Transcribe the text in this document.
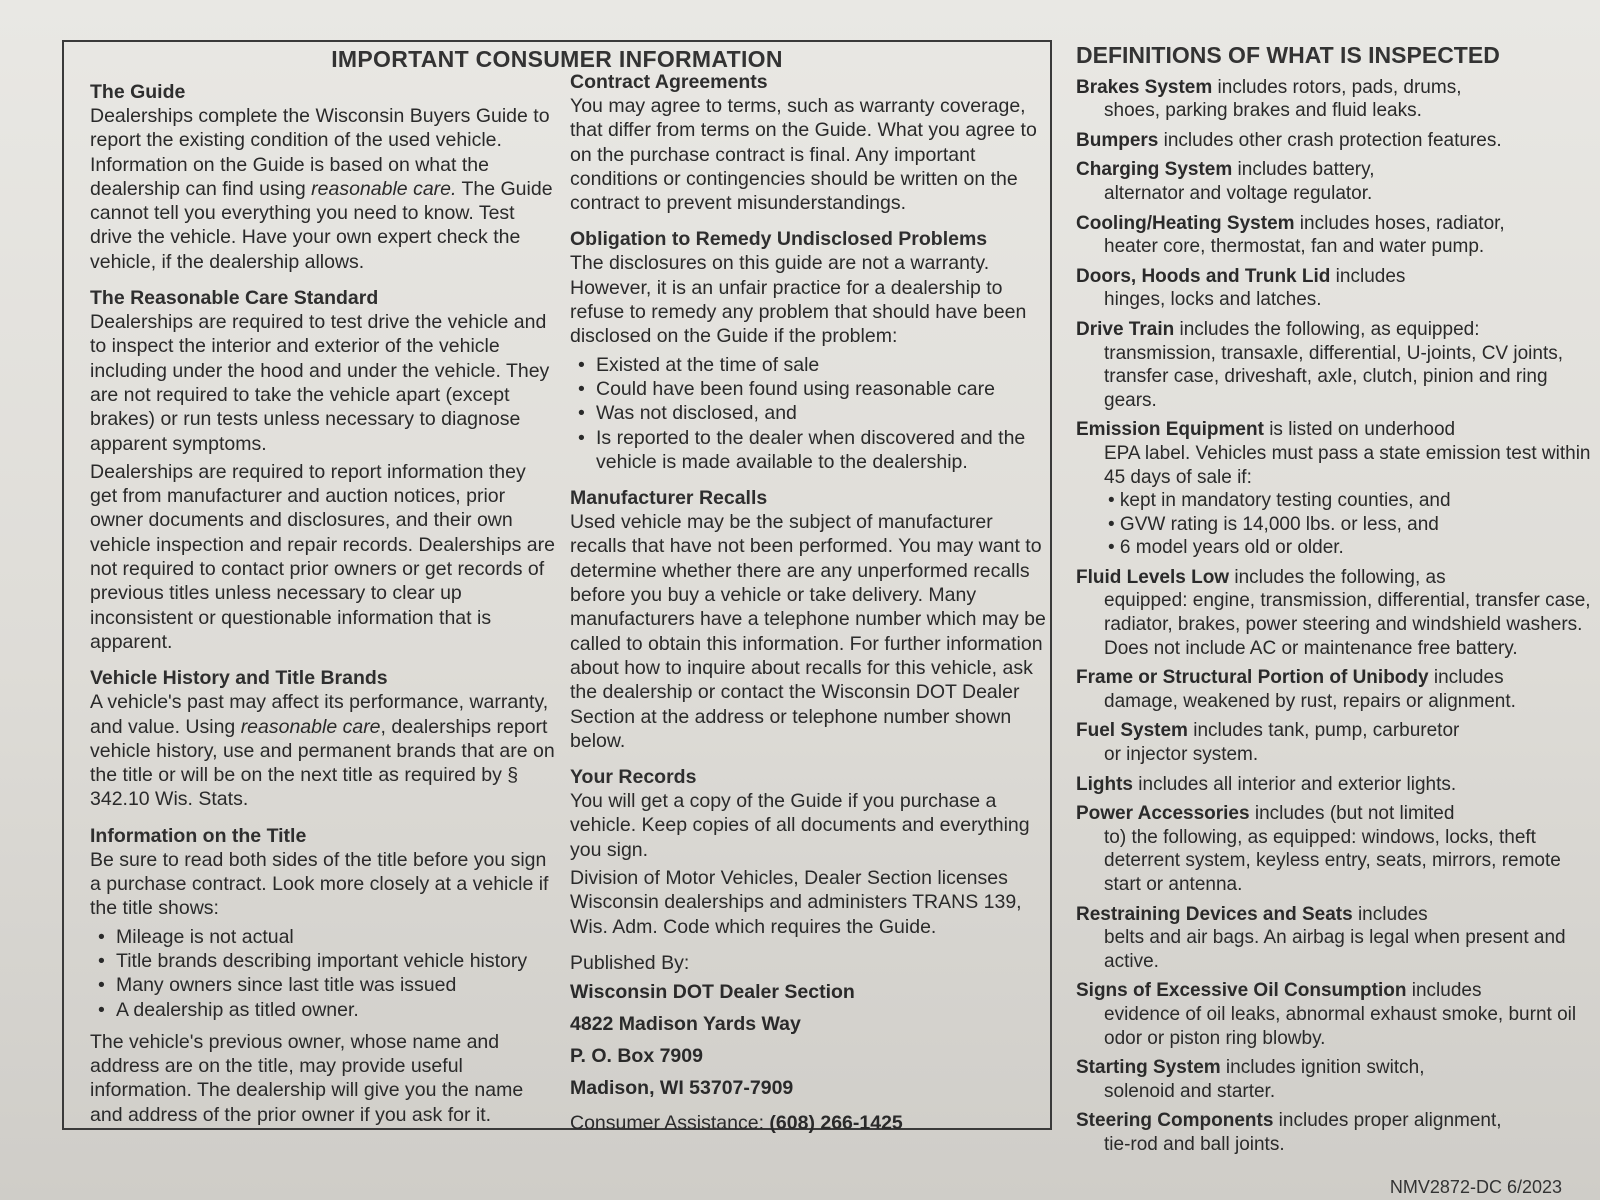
IMPORTANT CONSUMER INFORMATION
The Guide

Dealerships complete the Wisconsin Buyers Guide to report the existing condition of the used vehicle. Information on the Guide is based on what the dealership can find using reasonable care. The Guide cannot tell you everything you need to know. Test drive the vehicle. Have your own expert check the vehicle, if the dealership allows.

The Reasonable Care Standard

Dealerships are required to test drive the vehicle and to inspect the interior and exterior of the vehicle including under the hood and under the vehicle. They are not required to take the vehicle apart (except brakes) or run tests unless necessary to diagnose apparent symptoms.

Dealerships are required to report information they get from manufacturer and auction notices, prior owner documents and disclosures, and their own vehicle inspection and repair records. Dealerships are not required to contact prior owners or get records of previous titles unless necessary to clear up inconsistent or questionable information that is apparent.

Vehicle History and Title Brands

A vehicle's past may affect its performance, warranty, and value. Using reasonable care, dealerships report vehicle history, use and permanent brands that are on the title or will be on the next title as required by § 342.10 Wis. Stats.

Information on the Title

Be sure to read both sides of the title before you sign a purchase contract. Look more closely at a vehicle if the title shows:

• Mileage is not actual
• Title brands describing important vehicle history
• Many owners since last title was issued
• A dealership as titled owner.

The vehicle's previous owner, whose name and address are on the title, may provide useful information. The dealership will give you the name and address of the prior owner if you ask for it.

Contract Agreements

You may agree to terms, such as warranty coverage, that differ from terms on the Guide. What you agree to on the purchase contract is final. Any important conditions or contingencies should be written on the contract to prevent misunderstandings.

Obligation to Remedy Undisclosed Problems

The disclosures on this guide are not a warranty. However, it is an unfair practice for a dealership to refuse to remedy any problem that should have been disclosed on the Guide if the problem:

• Existed at the time of sale
• Could have been found using reasonable care
• Was not disclosed, and
• Is reported to the dealer when discovered and the vehicle is made available to the dealership.
Manufacturer Recalls

Used vehicle may be the subject of manufacturer recalls that have not been performed. You may want to determine whether there are any unperformed recalls before you buy a vehicle or take delivery. Many manufacturers have a telephone number which may be called to obtain this information. For further information about how to inquire about recalls for this vehicle, ask the dealership or contact the Wisconsin DOT Dealer Section at the address or telephone number shown below.

Your Records

You will get a copy of the Guide if you purchase a vehicle. Keep copies of all documents and everything you sign.

Division of Motor Vehicles, Dealer Section licenses Wisconsin dealerships and administers TRANS 139, Wis. Adm. Code which requires the Guide.

Published By:

Wisconsin DOT Dealer Section

4822 Madison Yards Way

P. O. Box 7909

Madison, WI 53707-7909

Consumer Assistance: (608) 266-1425

DEFINITIONS OF WHAT IS INSPECTED
Brakes System includes rotors, pads, drums,
shoes, parking brakes and fluid leaks.
Bumpers includes other crash protection features.
Charging System includes battery,
alternator and voltage regulator.
Cooling/Heating System includes hoses, radiator,
heater core, thermostat, fan and water pump.
Doors, Hoods and Trunk Lid includes
hinges, locks and latches.
Drive Train includes the following, as equipped:
transmission, transaxle, differential, U-joints, CV joints, transfer case, driveshaft, axle, clutch, pinion and ring gears.
Emission Equipment is listed on underhood
EPA label. Vehicles must pass a state emission test within 45 days of sale if:
• kept in mandatory testing counties, and
• GVW rating is 14,000 lbs. or less, and
• 6 model years old or older.
Fluid Levels Low includes the following, as
equipped: engine, transmission, differential, transfer case, radiator, brakes, power steering and windshield washers. Does not include AC or maintenance free battery.
Frame or Structural Portion of Unibody includes
damage, weakened by rust, repairs or alignment.
Fuel System includes tank, pump, carburetor
or injector system.
Lights includes all interior and exterior lights.
Power Accessories includes (but not limited
to) the following, as equipped: windows, locks, theft deterrent system, keyless entry, seats, mirrors, remote start or antenna.
Restraining Devices and Seats includes
belts and air bags. An airbag is legal when present and active.
Signs of Excessive Oil Consumption includes
evidence of oil leaks, abnormal exhaust smoke, burnt oil odor or piston ring blowby.
Starting System includes ignition switch,
solenoid and starter.
Steering Components includes proper alignment,
tie-rod and ball joints.
NMV2872-DC 6/2023
